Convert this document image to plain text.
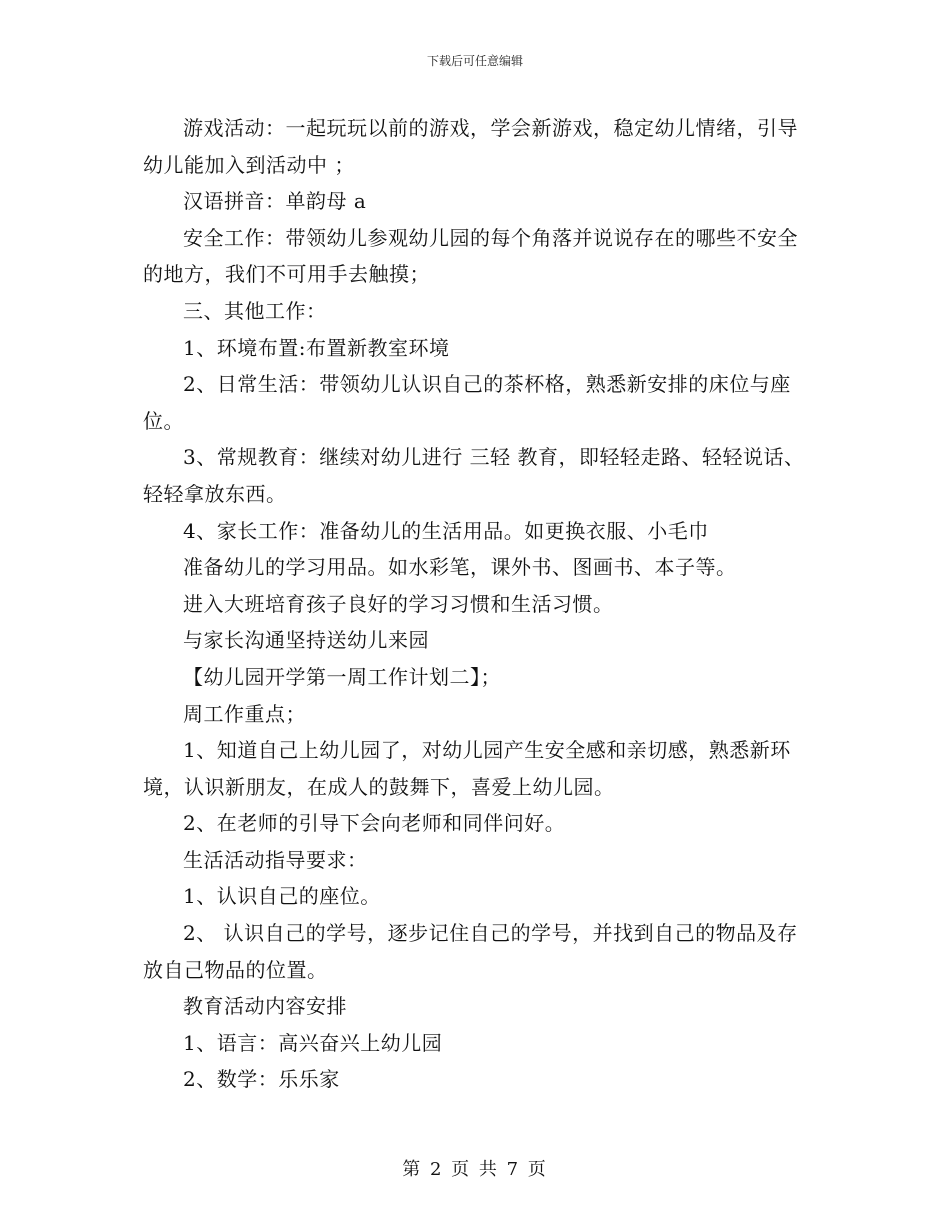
下载后可任意编辑

游戏活动：一起玩玩以前的游戏，学会新游戏，稳定幼儿情绪，引导幼儿能加入到活动中 ；

汉语拼音：单韵母 a

安全工作：带领幼儿参观幼儿园的每个角落并说说存在的哪些不安全的地方，我们不可用手去触摸；

三、其他工作：

1、环境布置:布置新教室环境

2、日常生活：带领幼儿认识自己的茶杯格，熟悉新安排的床位与座位。

3、常规教育：继续对幼儿进行 三轻 教育，即轻轻走路、轻轻说话、轻轻拿放东西。

4、家长工作：准备幼儿的生活用品。如更换衣服、小毛巾

准备幼儿的学习用品。如水彩笔，课外书、图画书、本子等。

进入大班培育孩子良好的学习习惯和生活习惯。

与家长沟通坚持送幼儿来园

【幼儿园开学第一周工作计划二】；

周工作重点；

1、知道自己上幼儿园了，对幼儿园产生安全感和亲切感，熟悉新环境，认识新朋友，在成人的鼓舞下，喜爱上幼儿园。

2、在老师的引导下会向老师和同伴问好。

生活活动指导要求：

1、认识自己的座位。

2、 认识自己的学号，逐步记住自己的学号，并找到自己的物品及存放自己物品的位置。

教育活动内容安排

1、语言：高兴奋兴上幼儿园

2、数学：乐乐家

第 2 页 共 7 页
